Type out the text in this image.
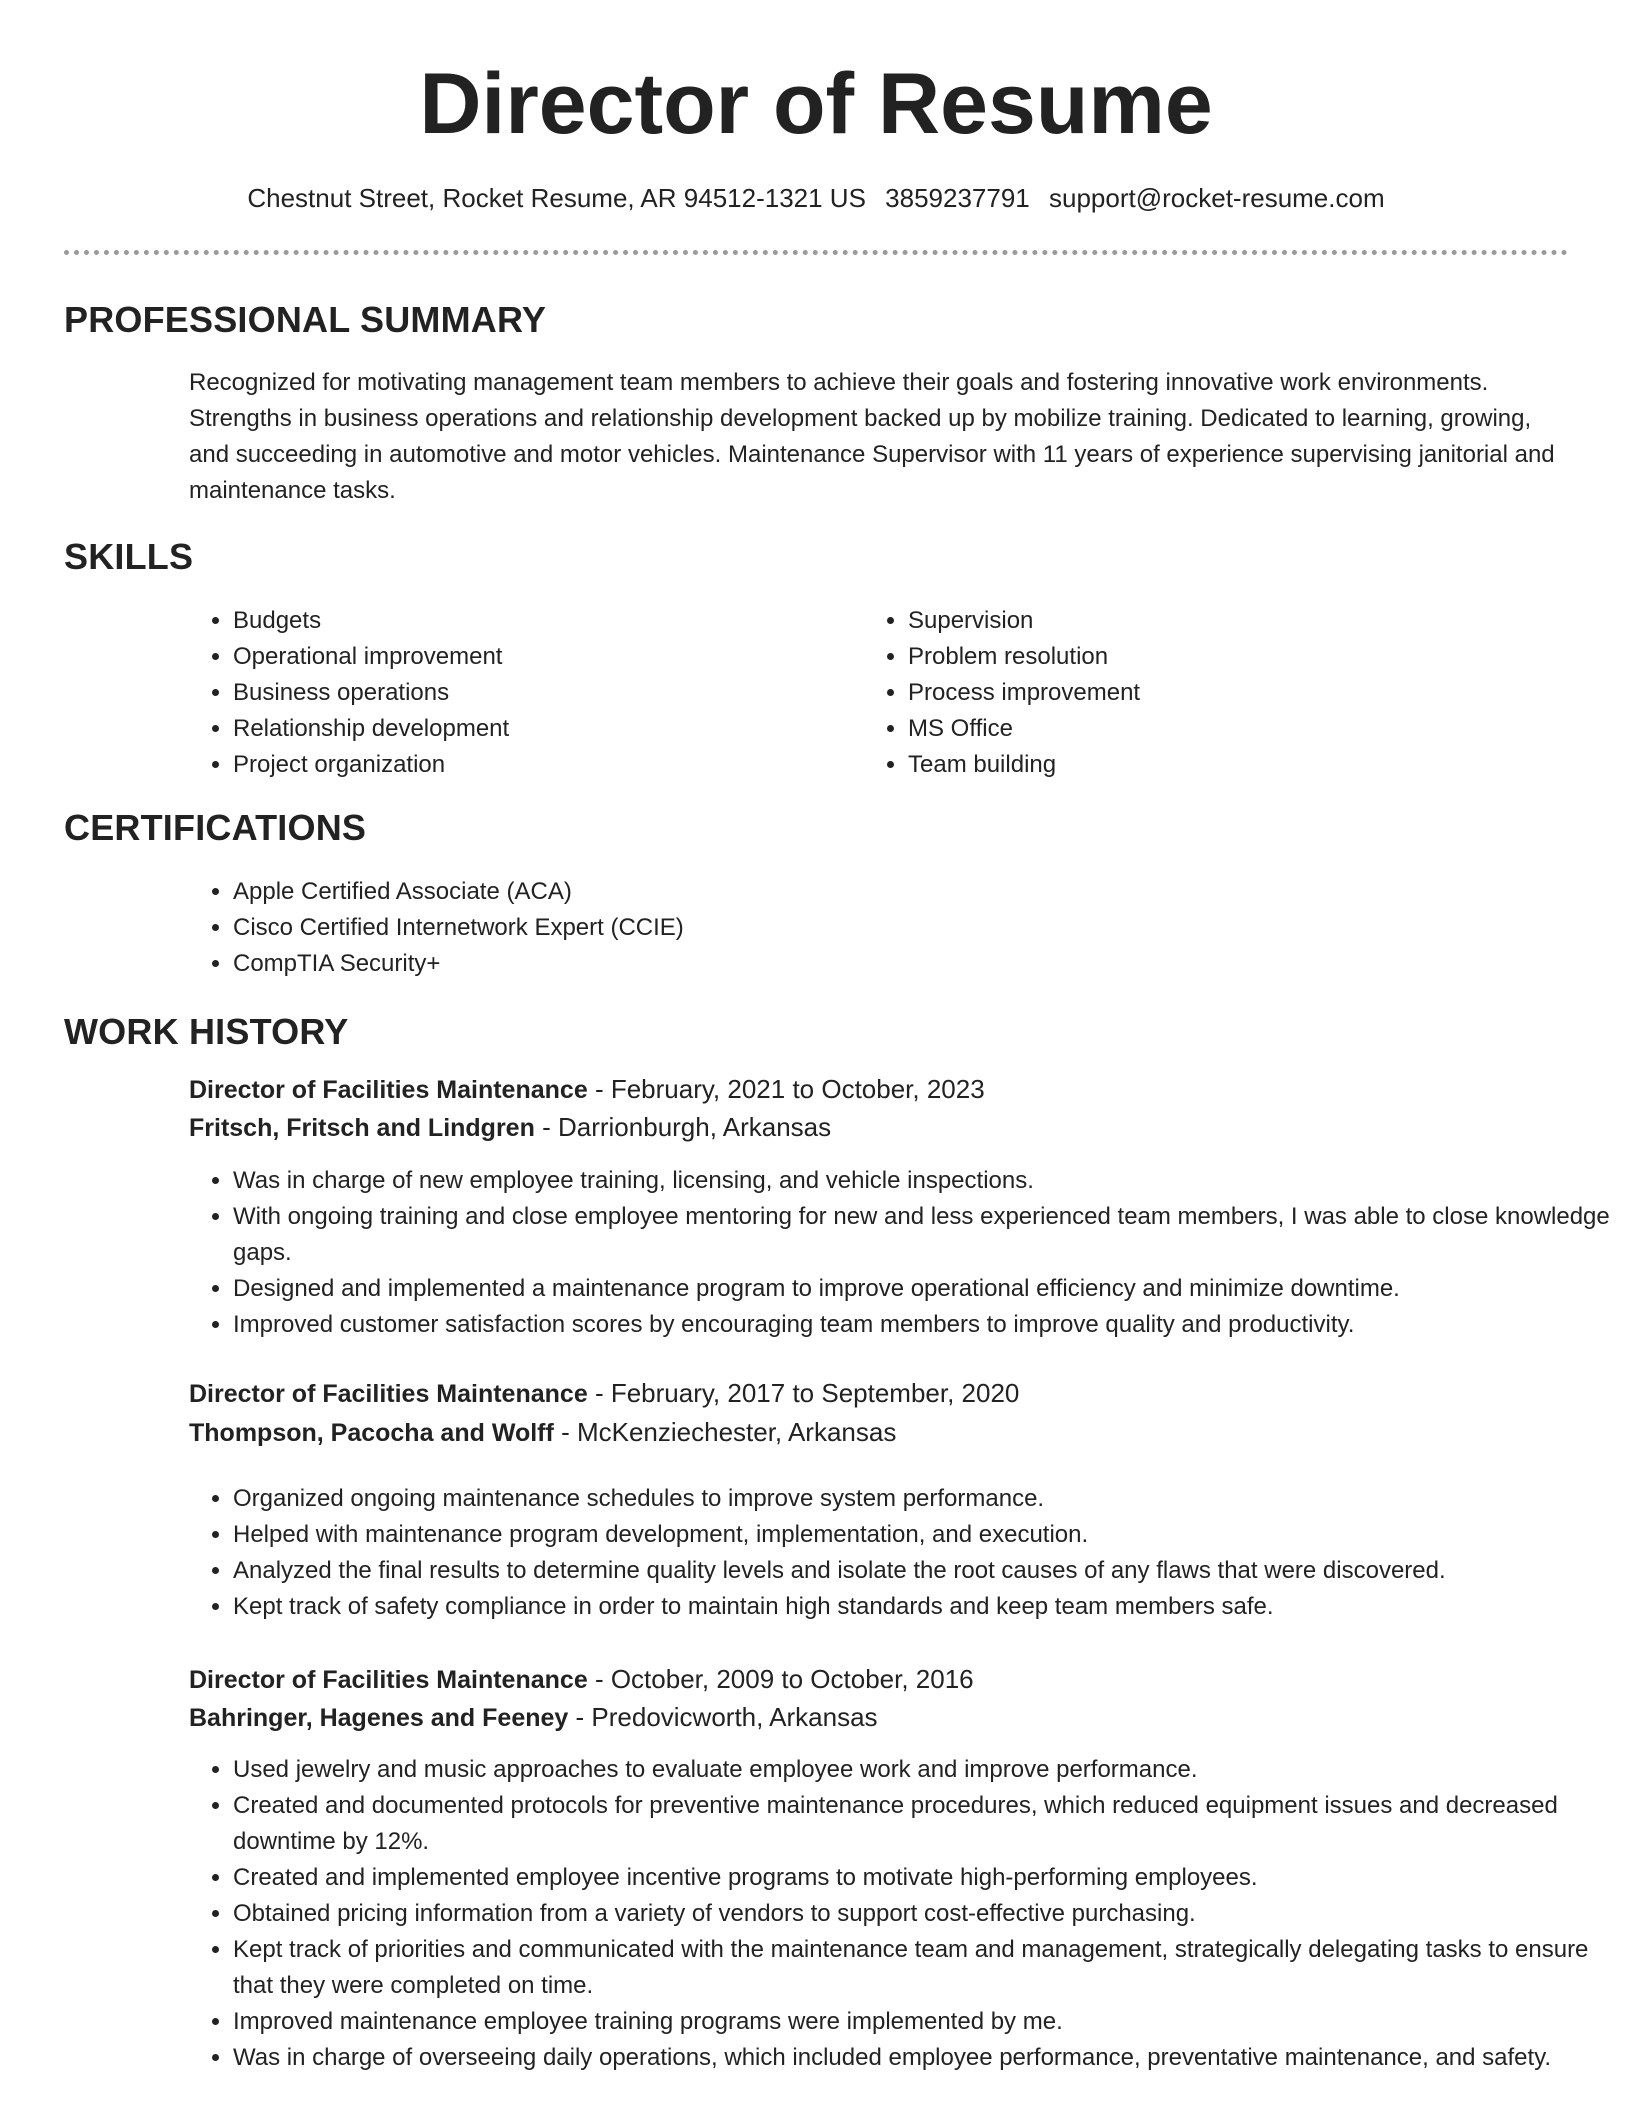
Director of Resume
Chestnut Street, Rocket Resume, AR 94512-1321 US 3859237791 support@rocket-resume.com
PROFESSIONAL SUMMARY

Recognized for motivating management team members to achieve their goals and fostering innovative work environments. Strengths in business operations and relationship development backed up by mobilize training. Dedicated to learning, growing, and succeeding in automotive and motor vehicles. Maintenance Supervisor with 11 years of experience supervising janitorial and maintenance tasks.

SKILLS
• Budgets
• Operational improvement
• Business operations
• Relationship development
• Project organization
• Supervision
• Problem resolution
• Process improvement
• MS Office
• Team building
CERTIFICATIONS
• Apple Certified Associate (ACA)
• Cisco Certified Internetwork Expert (CCIE)
• CompTIA Security+
WORK HISTORY
Director of Facilities Maintenance - February, 2021 to October, 2023
Fritsch, Fritsch and Lindgren - Darrionburgh, Arkansas
• Was in charge of new employee training, licensing, and vehicle inspections.
• With ongoing training and close employee mentoring for new and less experienced team members, I was able to close knowledge gaps.
• Designed and implemented a maintenance program to improve operational efficiency and minimize downtime.
• Improved customer satisfaction scores by encouraging team members to improve quality and productivity.
Director of Facilities Maintenance - February, 2017 to September, 2020
Thompson, Pacocha and Wolff - McKenziechester, Arkansas
• Organized ongoing maintenance schedules to improve system performance.
• Helped with maintenance program development, implementation, and execution.
• Analyzed the final results to determine quality levels and isolate the root causes of any flaws that were discovered.
• Kept track of safety compliance in order to maintain high standards and keep team members safe.
Director of Facilities Maintenance - October, 2009 to October, 2016
Bahringer, Hagenes and Feeney - Predovicworth, Arkansas
• Used jewelry and music approaches to evaluate employee work and improve performance.
• Created and documented protocols for preventive maintenance procedures, which reduced equipment issues and decreased downtime by 12%.
• Created and implemented employee incentive programs to motivate high-performing employees.
• Obtained pricing information from a variety of vendors to support cost-effective purchasing.
• Kept track of priorities and communicated with the maintenance team and management, strategically delegating tasks to ensure that they were completed on time.
• Improved maintenance employee training programs were implemented by me.
• Was in charge of overseeing daily operations, which included employee performance, preventative maintenance, and safety.
